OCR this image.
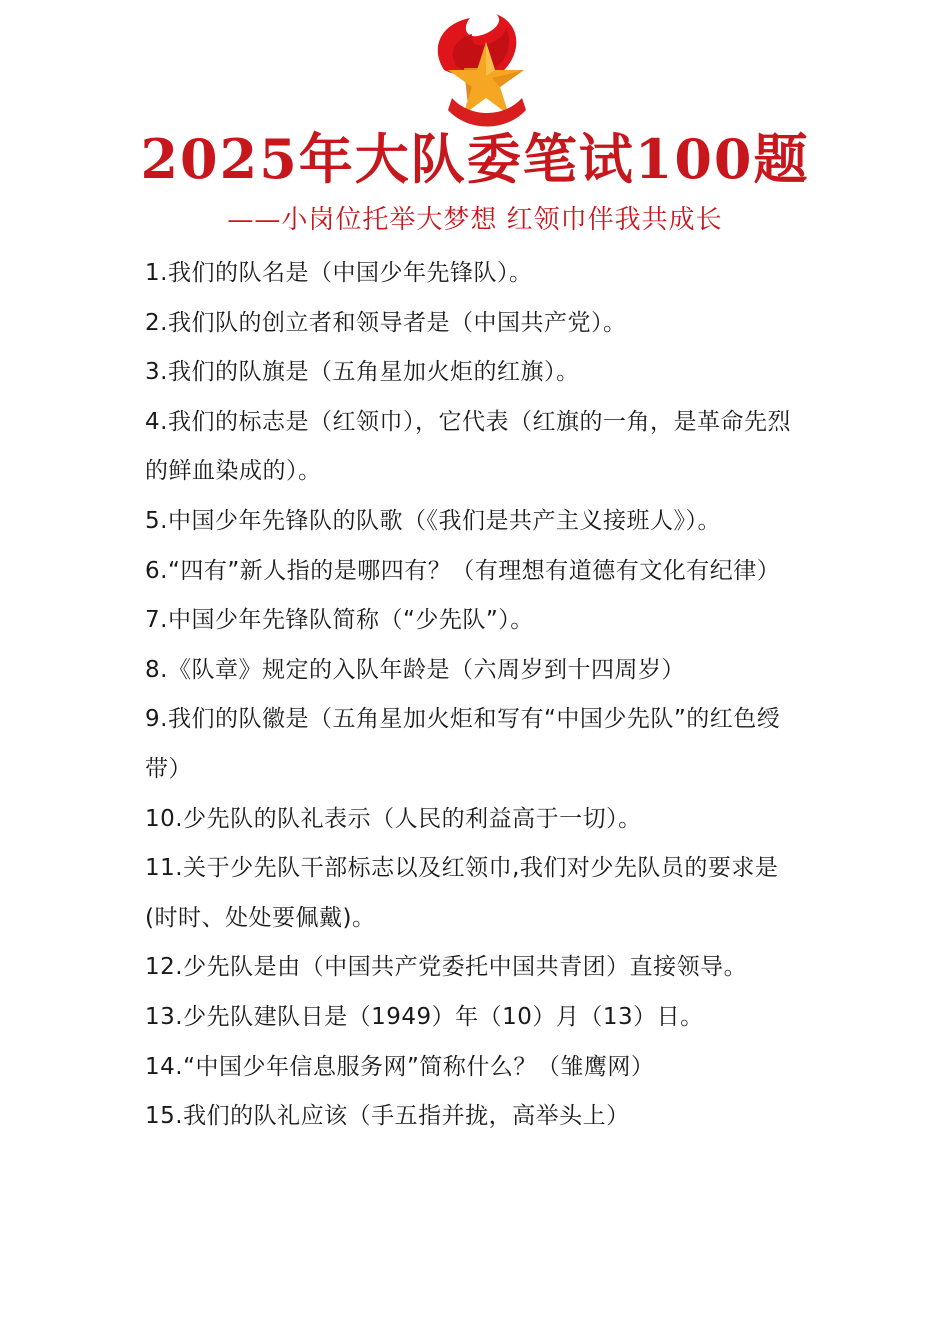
2025年大队委笔试100题
——小岗位托举大梦想 红领巾伴我共成长
1.我们的队名是（中国少年先锋队）。
2.我们队的创立者和领导者是（中国共产党）。
3.我们的队旗是（五角星加火炬的红旗）。
4.我们的标志是（红领巾），它代表（红旗的一角，是革命先烈的鲜血染成的）。
5.中国少年先锋队的队歌（《我们是共产主义接班人》）。
6.“四有”新人指的是哪四有？（有理想有道德有文化有纪律）
7.中国少年先锋队简称（“少先队”）。
8.《队章》规定的入队年龄是（六周岁到十四周岁）
9.我们的队徽是（五角星加火炬和写有“中国少先队”的红色绶带）
10.少先队的队礼表示（人民的利益高于一切）。
11.关于少先队干部标志以及红领巾,我们对少先队员的要求是(时时、处处要佩戴)。
12.少先队是由（中国共产党委托中国共青团）直接领导。
13.少先队建队日是（1949）年（10）月（13）日。
14.“中国少年信息服务网”简称什么？（雏鹰网）
15.我们的队礼应该（手五指并拢，高举头上）
